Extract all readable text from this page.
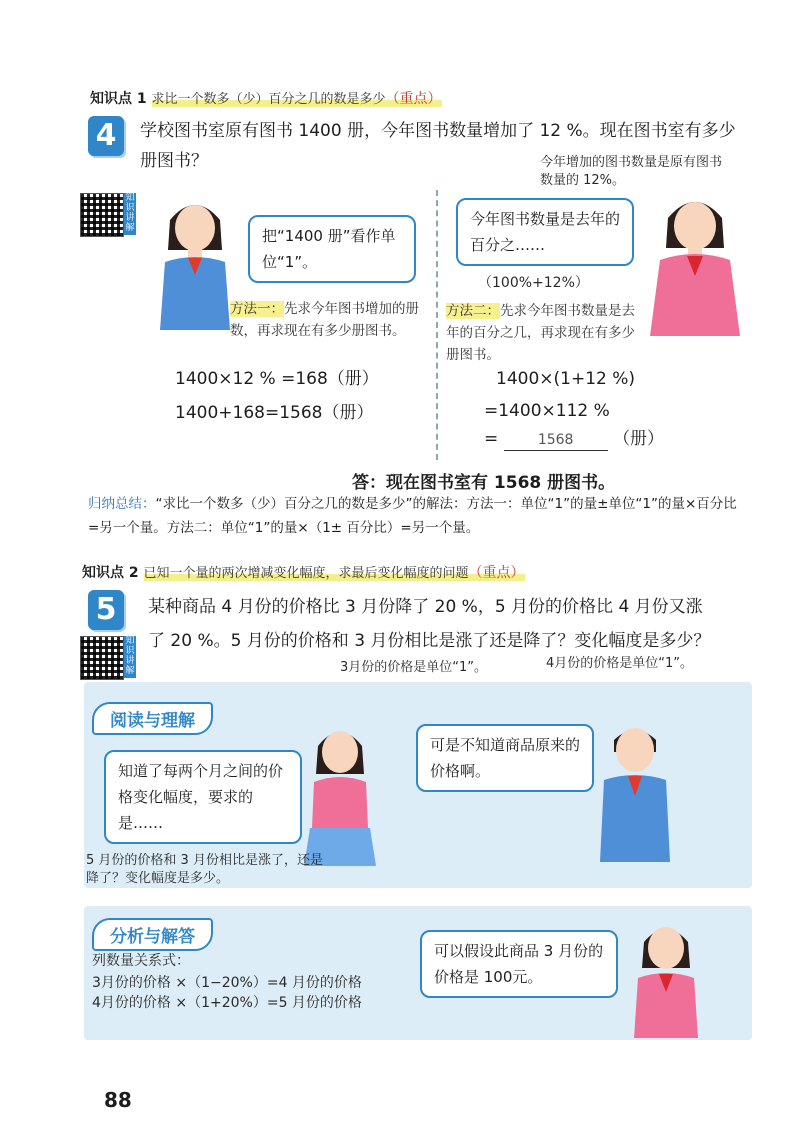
知识点 1 求比一个数多（少）百分之几的数是多少（重点）
4	学校图书室原有图书 1400 册，今年图书数量增加了 12 %。现在图书室有多少册图书？	今年增加的图书数量是原有图书数量的 12%。
知识讲解	把“1400 册”看作单位“1”。
方法一：先求今年图书增加的册数，再求现在有多少册图书。
1400×12 % =168（册）
1400+168=1568（册）
今年图书数量是去年的百分之……
（100%+12%）
方法二：先求今年图书数量是去年的百分之几，再求现在有多少册图书。
1400×(1+12 %)
=1400×112 %
=	1568 （册）
答：现在图书室有 1568 册图书。
归纳总结：“求比一个数多（少）百分之几的数是多少”的解法：方法一：单位“1”的量±单位“1”的量×百分比=另一个量。方法二：单位“1”的量×（1± 百分比）=另一个量。
知识点 2 已知一个量的两次增减变化幅度，求最后变化幅度的问题（重点）
5	某种商品 4 月份的价格比 3 月份降了 20 %，5 月份的价格比 4 月份又涨
了 20 %。5 月份的价格和 3 月份相比是涨了还是降了？变化幅度是多少？
3月份的价格是单位“1”。	4月份的价格是单位“1”。
知识讲解
阅读与理解
知道了每两个月之间的价格变化幅度，要求的是……
可是不知道商品原来的价格啊。
5 月份的价格和 3 月份相比是涨了，还是降了？变化幅度是多少。
分析与解答
列数量关系式：
3月份的价格 ×（1−20%）=4 月份的价格
4月份的价格 ×（1+20%）=5 月份的价格
可以假设此商品 3 月份的价格是 100元。
88
